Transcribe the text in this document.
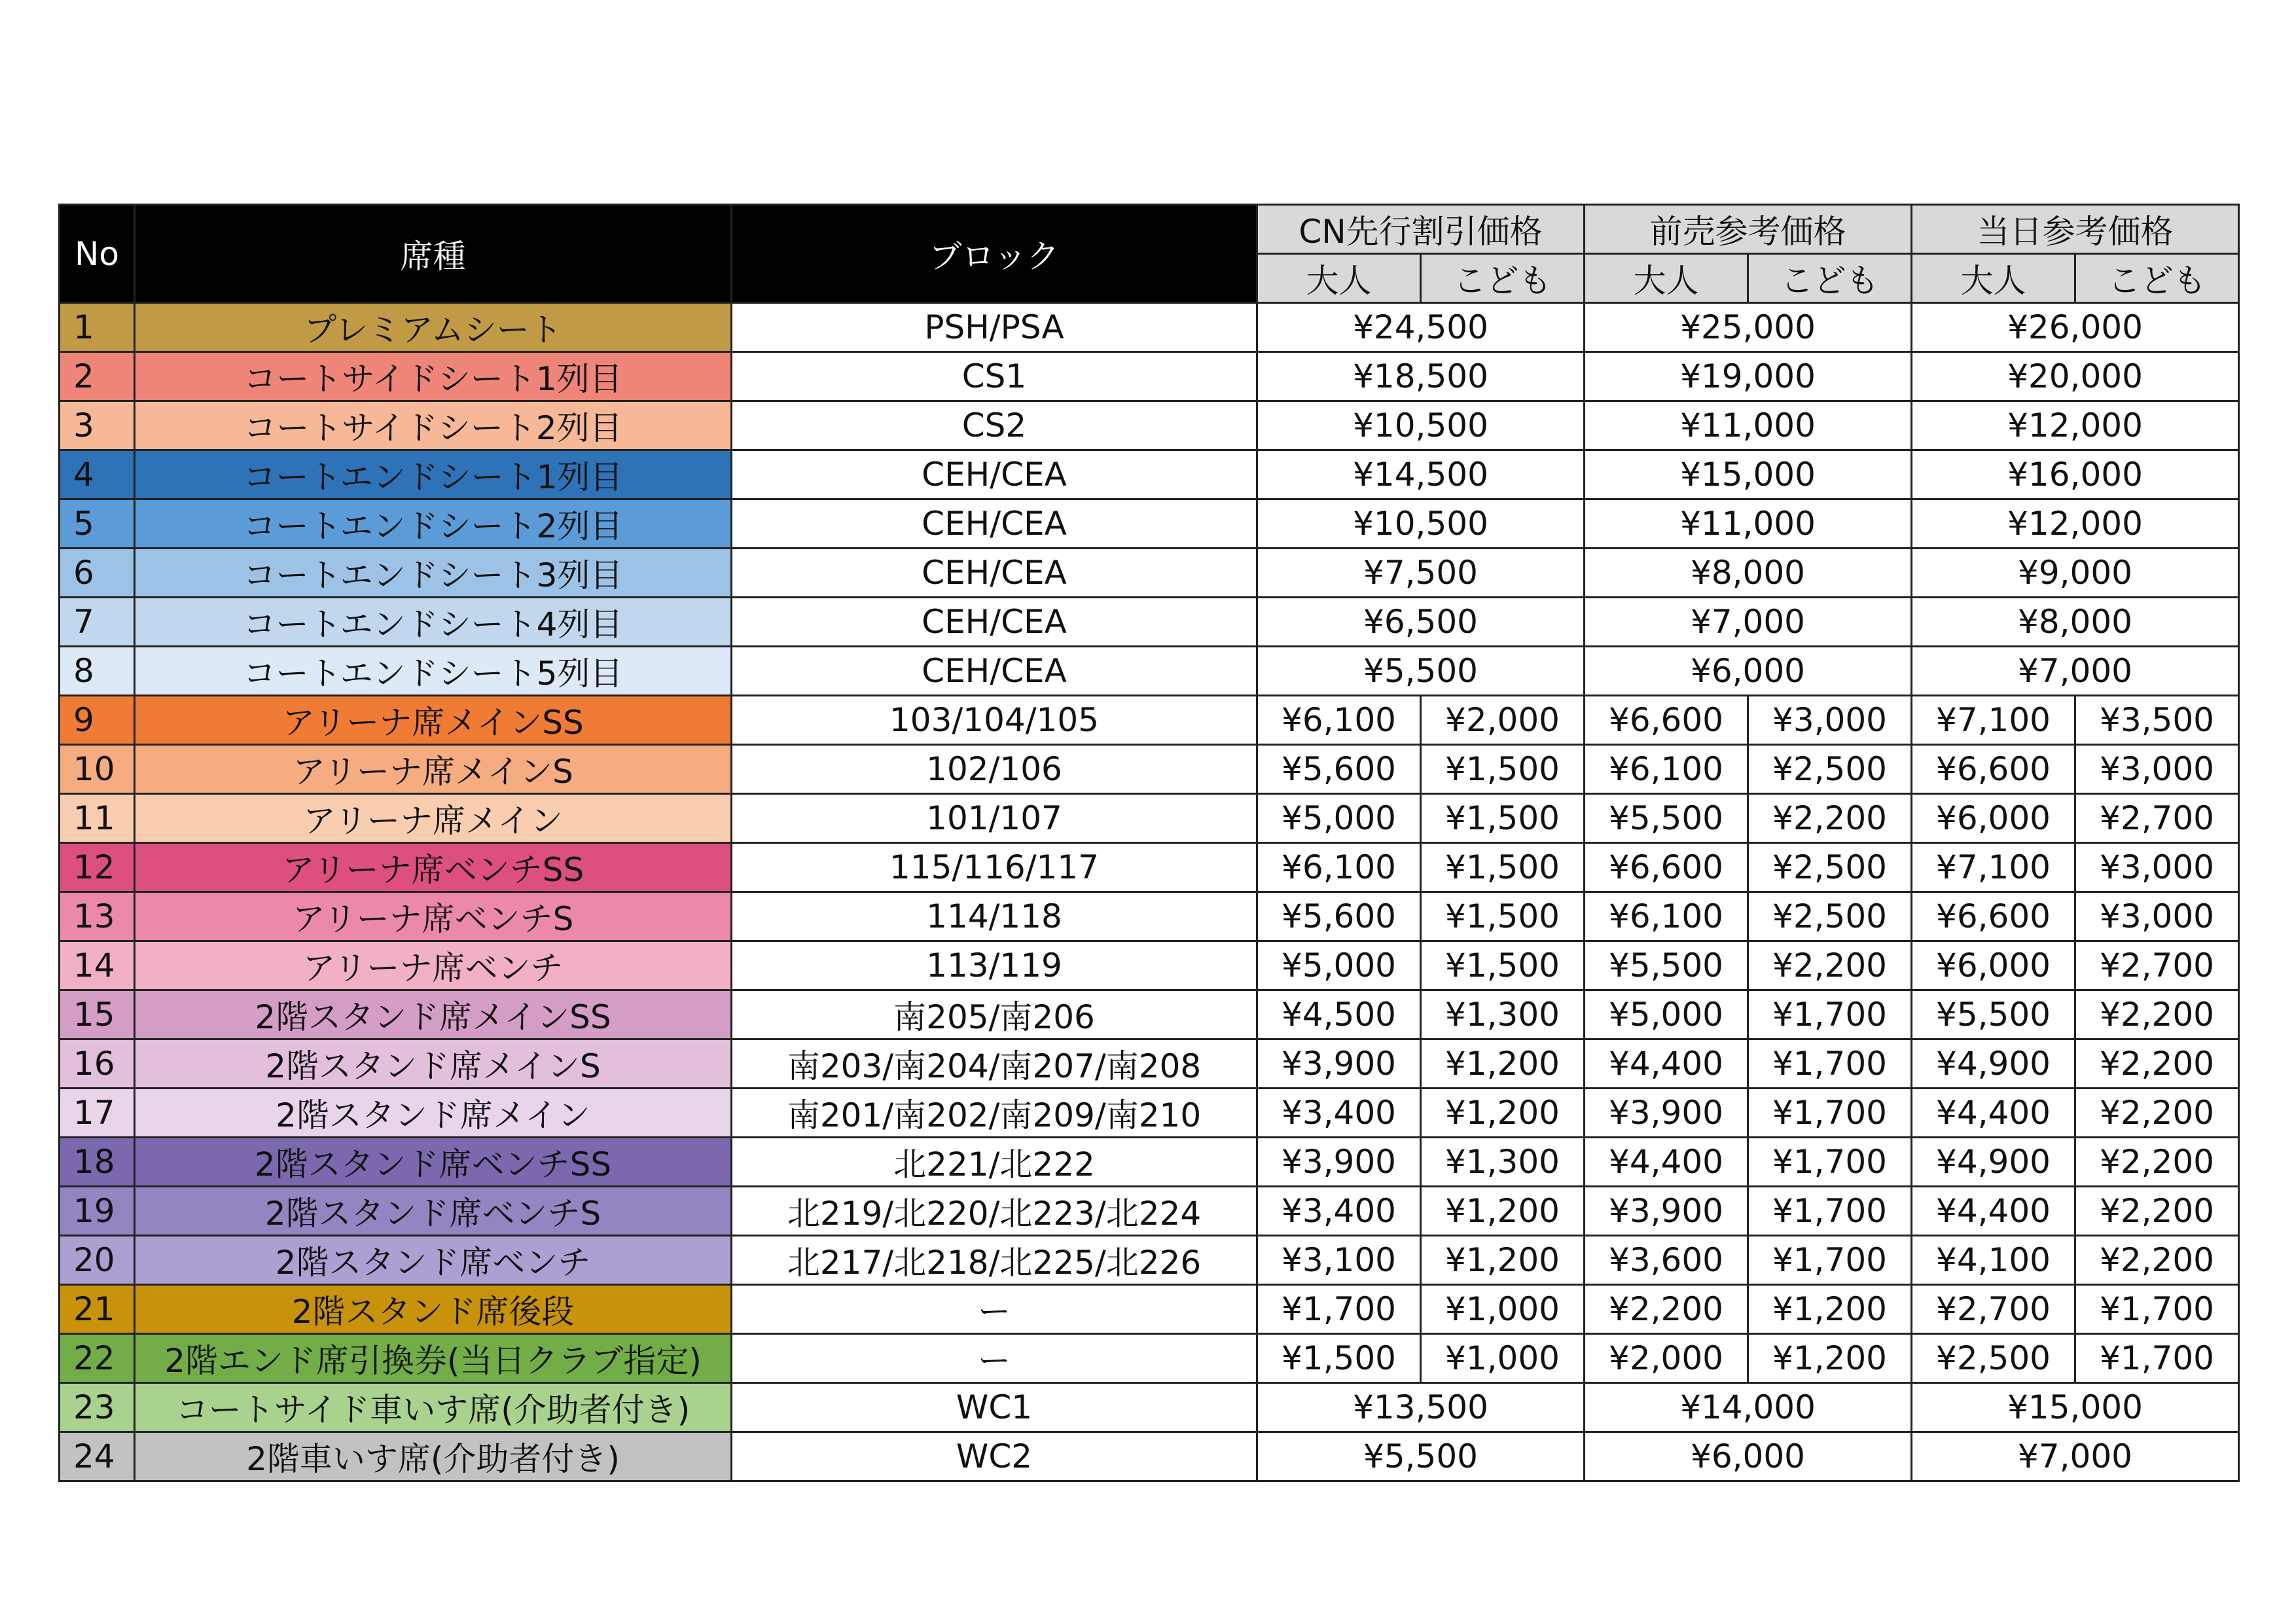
No	席種	ブロック	CN先行割引価格		前売参考価格		当日参考価格	
			大人	こども	大人	こども	大人	こども
1	プレミアムシート	PSH/PSA	¥24,500		¥25,000		¥26,000	
2	コートサイドシート1列目	CS1	¥18,500		¥19,000		¥20,000	
3	コートサイドシート2列目	CS2	¥10,500		¥11,000		¥12,000	
4	コートエンドシート1列目	CEH/CEA	¥14,500		¥15,000		¥16,000	
5	コートエンドシート2列目	CEH/CEA	¥10,500		¥11,000		¥12,000	
6	コートエンドシート3列目	CEH/CEA	¥7,500		¥8,000		¥9,000	
7	コートエンドシート4列目	CEH/CEA	¥6,500		¥7,000		¥8,000	
8	コートエンドシート5列目	CEH/CEA	¥5,500		¥6,000		¥7,000	
9	アリーナ席メインSS	103/104/105	¥6,100	¥2,000	¥6,600	¥3,000	¥7,100	¥3,500
10	アリーナ席メインS	102/106	¥5,600	¥1,500	¥6,100	¥2,500	¥6,600	¥3,000
11	アリーナ席メイン	101/107	¥5,000	¥1,500	¥5,500	¥2,200	¥6,000	¥2,700
12	アリーナ席ベンチSS	115/116/117	¥6,100	¥1,500	¥6,600	¥2,500	¥7,100	¥3,000
13	アリーナ席ベンチS	114/118	¥5,600	¥1,500	¥6,100	¥2,500	¥6,600	¥3,000
14	アリーナ席ベンチ	113/119	¥5,000	¥1,500	¥5,500	¥2,200	¥6,000	¥2,700
15	2階スタンド席メインSS	南205/南206	¥4,500	¥1,300	¥5,000	¥1,700	¥5,500	¥2,200
16	2階スタンド席メインS	南203/南204/南207/南208	¥3,900	¥1,200	¥4,400	¥1,700	¥4,900	¥2,200
17	2階スタンド席メイン	南201/南202/南209/南210	¥3,400	¥1,200	¥3,900	¥1,700	¥4,400	¥2,200
18	2階スタンド席ベンチSS	北221/北222	¥3,900	¥1,300	¥4,400	¥1,700	¥4,900	¥2,200
19	2階スタンド席ベンチS	北219/北220/北223/北224	¥3,400	¥1,200	¥3,900	¥1,700	¥4,400	¥2,200
20	2階スタンド席ベンチ	北217/北218/北225/北226	¥3,100	¥1,200	¥3,600	¥1,700	¥4,100	¥2,200
21	2階スタンド席後段	ー	¥1,700	¥1,000	¥2,200	¥1,200	¥2,700	¥1,700
22	2階エンド席引換券(当日クラブ指定)	ー	¥1,500	¥1,000	¥2,000	¥1,200	¥2,500	¥1,700
23	コートサイド車いす席(介助者付き)	WC1	¥13,500		¥14,000		¥15,000	
24	2階車いす席(介助者付き)	WC2	¥5,500		¥6,000		¥7,000	
